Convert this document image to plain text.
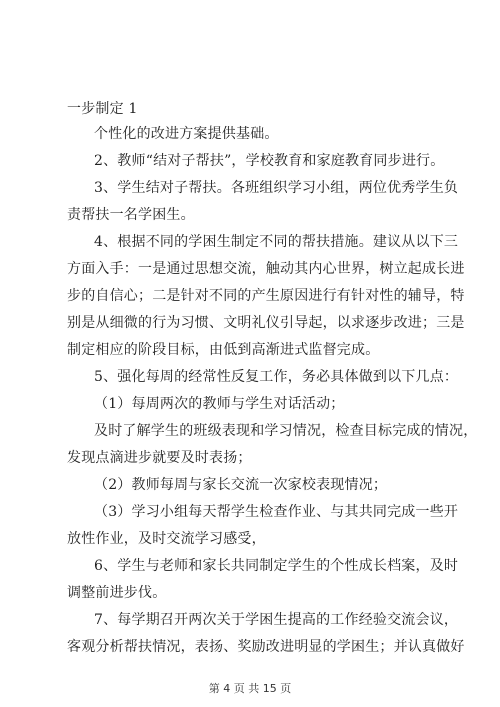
一步制定 1
个性化的改进方案提供基础。
2、教师“结对子帮扶”，学校教育和家庭教育同步进行。
3、学生结对子帮扶。各班组织学习小组，两位优秀学生负
责帮扶一名学困生。
4、根据不同的学困生制定不同的帮扶措施。建议从以下三
方面入手：一是通过思想交流，触动其内心世界，树立起成长进
步的自信心；二是针对不同的产生原因进行有针对性的辅导，特
别是从细微的行为习惯、文明礼仪引导起，以求逐步改进；三是
制定相应的阶段目标，由低到高渐进式监督完成。
5、强化每周的经常性反复工作，务必具体做到以下几点：
（1）每周两次的教师与学生对话活动；
及时了解学生的班级表现和学习情况，检查目标完成的情况，
发现点滴进步就要及时表扬；
（2）教师每周与家长交流一次家校表现情况；
（3）学习小组每天帮学生检查作业、与其共同完成一些开
放性作业，及时交流学习感受，
6、学生与老师和家长共同制定学生的个性成长档案，及时
调整前进步伐。
7、每学期召开两次关于学困生提高的工作经验交流会议，
客观分析帮扶情况，表扬、奖励改进明显的学困生；并认真做好
第 4 页 共 15 页
